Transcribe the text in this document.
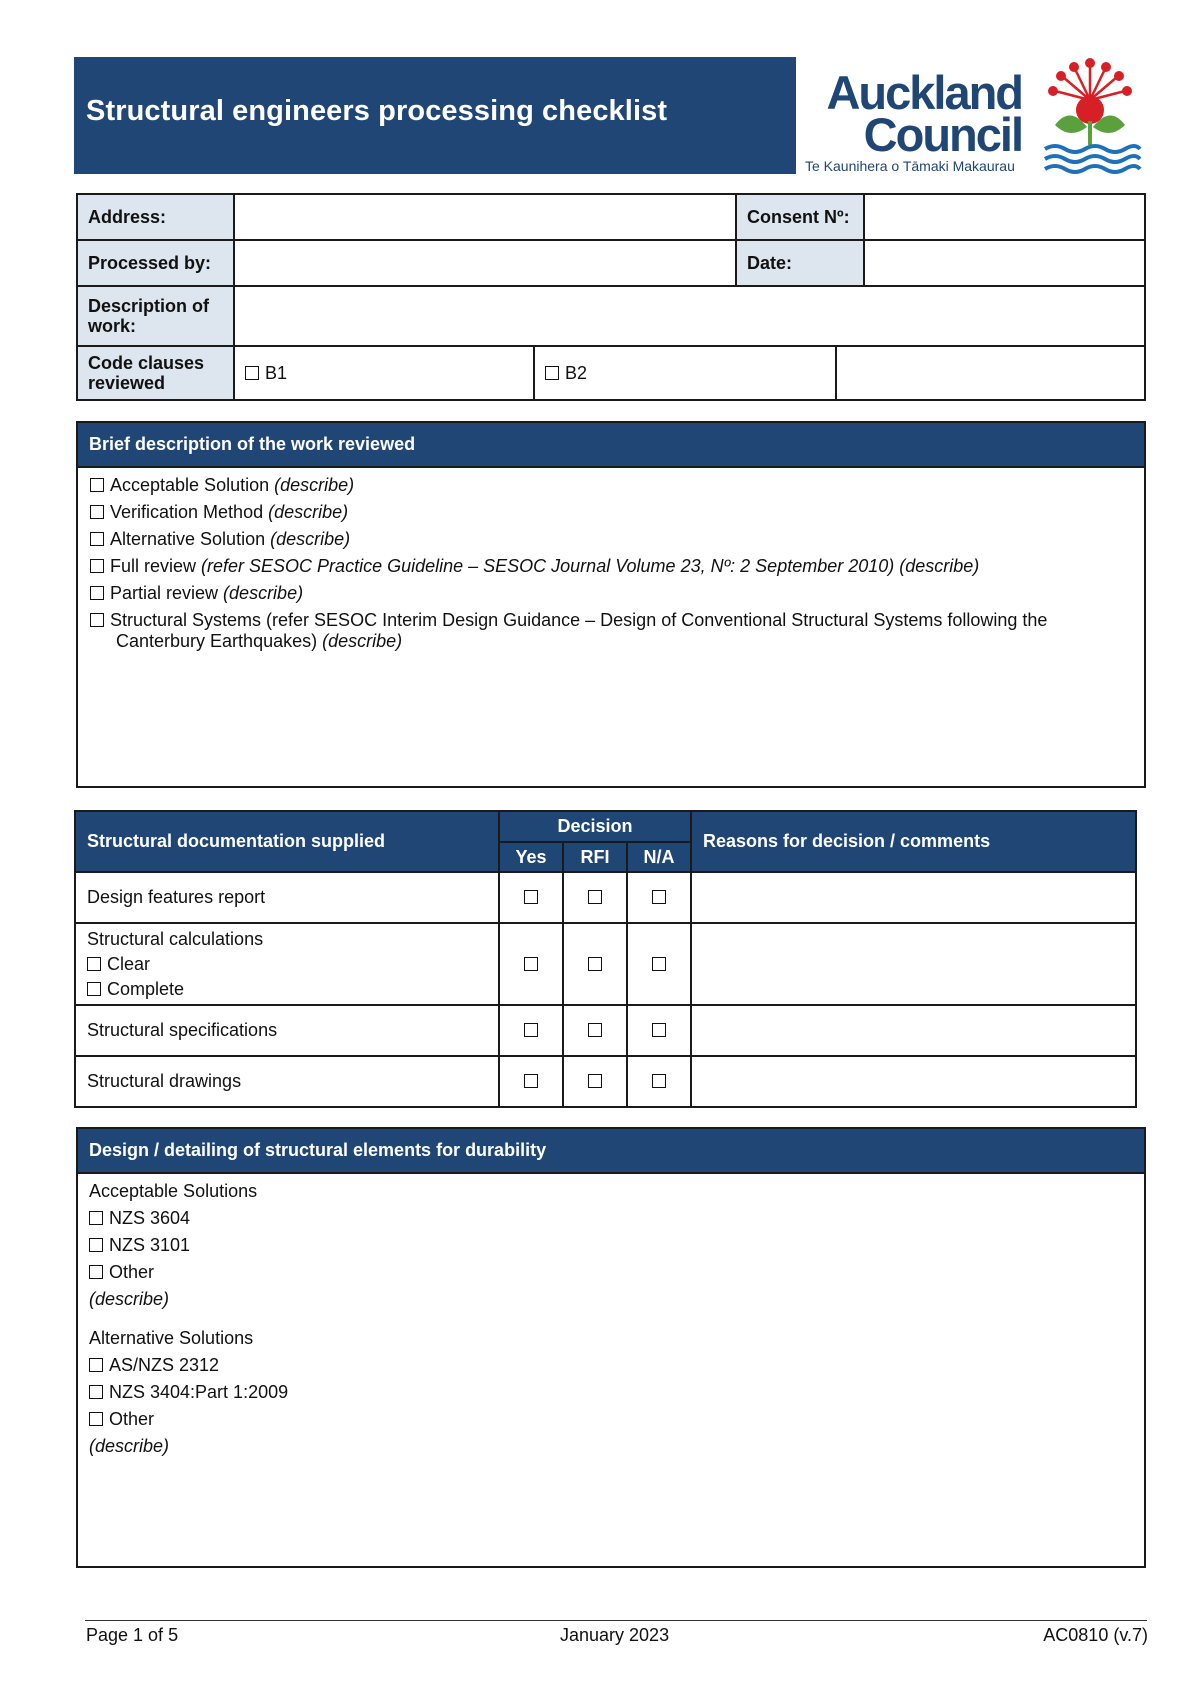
Structural engineers processing checklist	Auckland
Council
Te Kaunihera o Tāmaki Makaurau
Address:		Consent Nº:	
Processed by:		Date:	
Description of work:	
Code clauses reviewed	B1	B2	
Brief description of the work reviewed
Acceptable Solution (describe)
Verification Method (describe)
Alternative Solution (describe)
Full review (refer SESOC Practice Guideline – SESOC Journal Volume 23, Nº: 2 September 2010) (describe)
Partial review (describe)
Structural Systems (refer SESOC Interim Design Guidance – Design of Conventional Structural Systems following the
Canterbury Earthquakes) (describe)
Structural documentation supplied	Decision			Reasons for decision / comments
	Yes	RFI	N/A	
Design features report				

Structural calculations
Clear
Complete				

Structural specifications				
Structural drawings				
Design / detailing of structural elements for durability
Acceptable Solutions
NZS 3604
NZS 3101
Other
(describe)
Alternative Solutions
AS/NZS 2312
NZS 3404:Part 1:2009
Other
(describe)
Page 1 of 5	January 2023	AC0810 (v.7)
